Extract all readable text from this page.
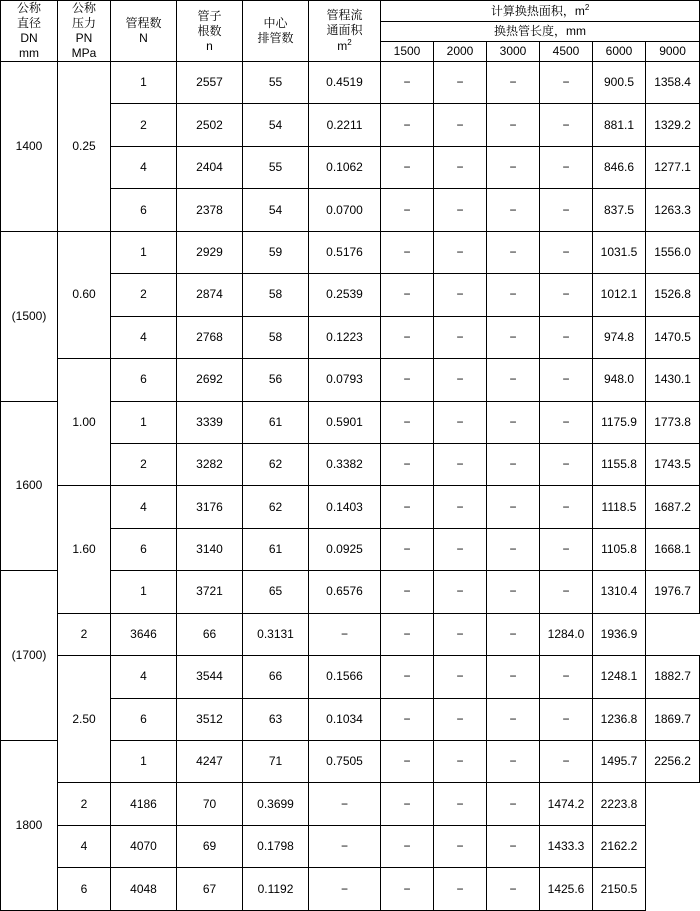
公称
直径
DN
mm	公称
压力
PN
MPa	管程数
N	管子
根数
n	中心
排管数	管程流
通面积
$m^2$	计算换热面积，$m^2$
						换热管长度，mm					
						1500	2000	3000	4500	6000	9000
1400	0.25	1	2557	55	0.4519	−	−	−	−	900.5	1358.4
		2	2502	54	0.2211	−	−	−	−	881.1	1329.2
		4	2404	55	0.1062	−	−	−	−	846.6	1277.1
		6	2378	54	0.0700	−	−	−	−	837.5	1263.3
(1500)	0.60	1	2929	59	0.5176	−	−	−	−	1031.5	1556.0
		2	2874	58	0.2539	−	−	−	−	1012.1	1526.8
		4	2768	58	0.1223	−	−	−	−	974.8	1470.5
	1.00	6	2692	56	0.0793	−	−	−	−	948.0	1430.1
1600		1	3339	61	0.5901	−	−	−	−	1175.9	1773.8
		2	3282	62	0.3382	−	−	−	−	1155.8	1743.5
	1.60	4	3176	62	0.1403	−	−	−	−	1118.5	1687.2
		6	3140	61	0.0925	−	−	−	−	1105.8	1668.1
(1700)		1	3721	65	0.6576	−	−	−	−	1310.4	1976.7
	2	3646	66	0.3131	−	−	−	−	1284.0	1936.9	
	2.50	4	3544	66	0.1566	−	−	−	−	1248.1	1882.7
		6	3512	63	0.1034	−	−	−	−	1236.8	1869.7
1800		1	4247	71	0.7505	−	−	−	−	1495.7	2256.2
	2	4186	70	0.3699	−	−	−	−	1474.2	2223.8	
	4	4070	69	0.1798	−	−	−	−	1433.3	2162.2	
	6	4048	67	0.1192	−	−	−	−	1425.6	2150.5	
